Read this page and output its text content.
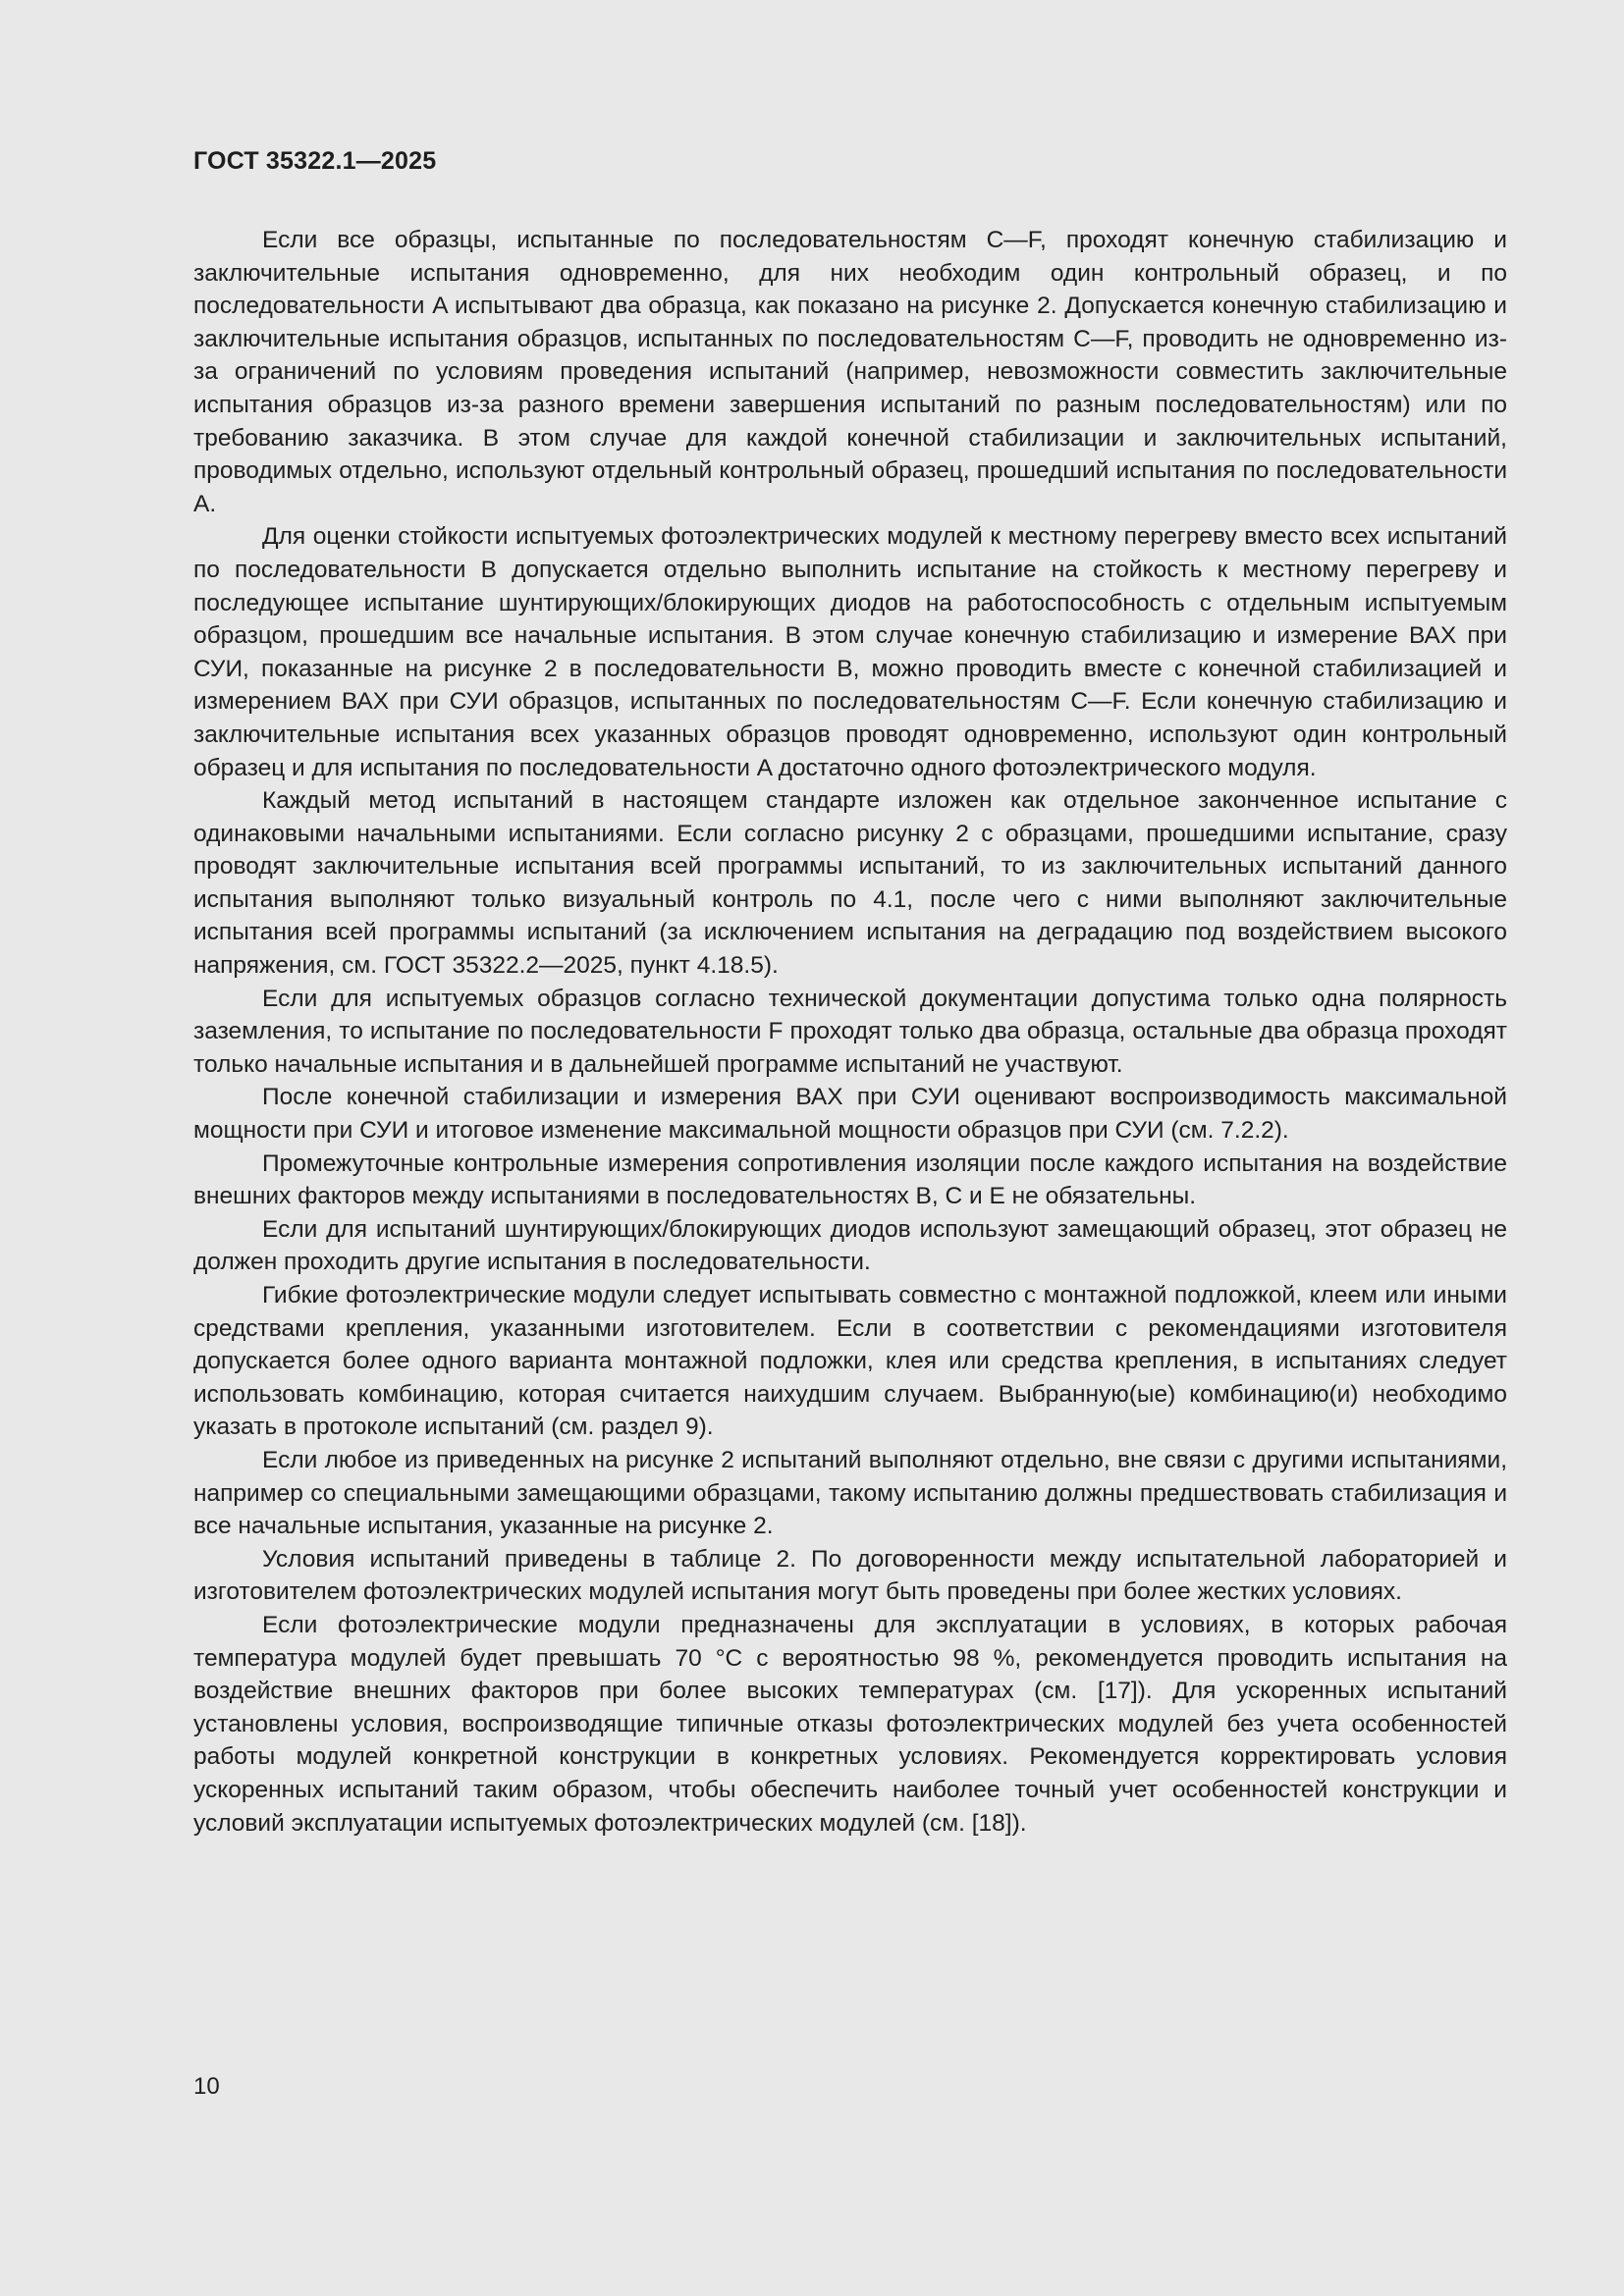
ГОСТ 35322.1—2025

Если все образцы, испытанные по последовательностям C—F, проходят конечную стабилизацию и заключительные испытания одновременно, для них необходим один контрольный образец, и по последовательности A испытывают два образца, как показано на рисунке 2. Допускается конечную стабилизацию и заключительные испытания образцов, испытанных по последовательностям C—F, проводить не одновременно из-за ограничений по условиям проведения испытаний (например, невозможности совместить заключительные испытания образцов из-за разного времени завершения испытаний по разным последовательностям) или по требованию заказчика. В этом случае для каждой конечной стабилизации и заключительных испытаний, проводимых отдельно, используют отдельный контрольный образец, прошедший испытания по последовательности A.

Для оценки стойкости испытуемых фотоэлектрических модулей к местному перегреву вместо всех испытаний по последовательности B допускается отдельно выполнить испытание на стойкость к местному перегреву и последующее испытание шунтирующих/блокирующих диодов на работоспособность с отдельным испытуемым образцом, прошедшим все начальные испытания. В этом случае конечную стабилизацию и измерение ВАХ при СУИ, показанные на рисунке 2 в последовательности B, можно проводить вместе с конечной стабилизацией и измерением ВАХ при СУИ образцов, испытанных по последовательностям C—F. Если конечную стабилизацию и заключительные испытания всех указанных образцов проводят одновременно, используют один контрольный образец и для испытания по последовательности A достаточно одного фотоэлектрического модуля.

Каждый метод испытаний в настоящем стандарте изложен как отдельное законченное испытание с одинаковыми начальными испытаниями. Если согласно рисунку 2 с образцами, прошедшими испытание, сразу проводят заключительные испытания всей программы испытаний, то из заключительных испытаний данного испытания выполняют только визуальный контроль по 4.1, после чего с ними выполняют заключительные испытания всей программы испытаний (за исключением испытания на деградацию под воздействием высокого напряжения, см. ГОСТ 35322.2—2025, пункт 4.18.5).

Если для испытуемых образцов согласно технической документации допустима только одна полярность заземления, то испытание по последовательности F проходят только два образца, остальные два образца проходят только начальные испытания и в дальнейшей программе испытаний не участвуют.

После конечной стабилизации и измерения ВАХ при СУИ оценивают воспроизводимость максимальной мощности при СУИ и итоговое изменение максимальной мощности образцов при СУИ (см. 7.2.2).

Промежуточные контрольные измерения сопротивления изоляции после каждого испытания на воздействие внешних факторов между испытаниями в последовательностях B, C и E не обязательны.

Если для испытаний шунтирующих/блокирующих диодов используют замещающий образец, этот образец не должен проходить другие испытания в последовательности.

Гибкие фотоэлектрические модули следует испытывать совместно с монтажной подложкой, клеем или иными средствами крепления, указанными изготовителем. Если в соответствии с рекомендациями изготовителя допускается более одного варианта монтажной подложки, клея или средства крепления, в испытаниях следует использовать комбинацию, которая считается наихудшим случаем. Выбранную(ые) комбинацию(и) необходимо указать в протоколе испытаний (см. раздел 9).

Если любое из приведенных на рисунке 2 испытаний выполняют отдельно, вне связи с другими испытаниями, например со специальными замещающими образцами, такому испытанию должны предшествовать стабилизация и все начальные испытания, указанные на рисунке 2.

Условия испытаний приведены в таблице 2. По договоренности между испытательной лабораторией и изготовителем фотоэлектрических модулей испытания могут быть проведены при более жестких условиях.

Если фотоэлектрические модули предназначены для эксплуатации в условиях, в которых рабочая температура модулей будет превышать 70 °C с вероятностью 98 %, рекомендуется проводить испытания на воздействие внешних факторов при более высоких температурах (см. [17]). Для ускоренных испытаний установлены условия, воспроизводящие типичные отказы фотоэлектрических модулей без учета особенностей работы модулей конкретной конструкции в конкретных условиях. Рекомендуется корректировать условия ускоренных испытаний таким образом, чтобы обеспечить наиболее точный учет особенностей конструкции и условий эксплуатации испытуемых фотоэлектрических модулей (см. [18]).

10
